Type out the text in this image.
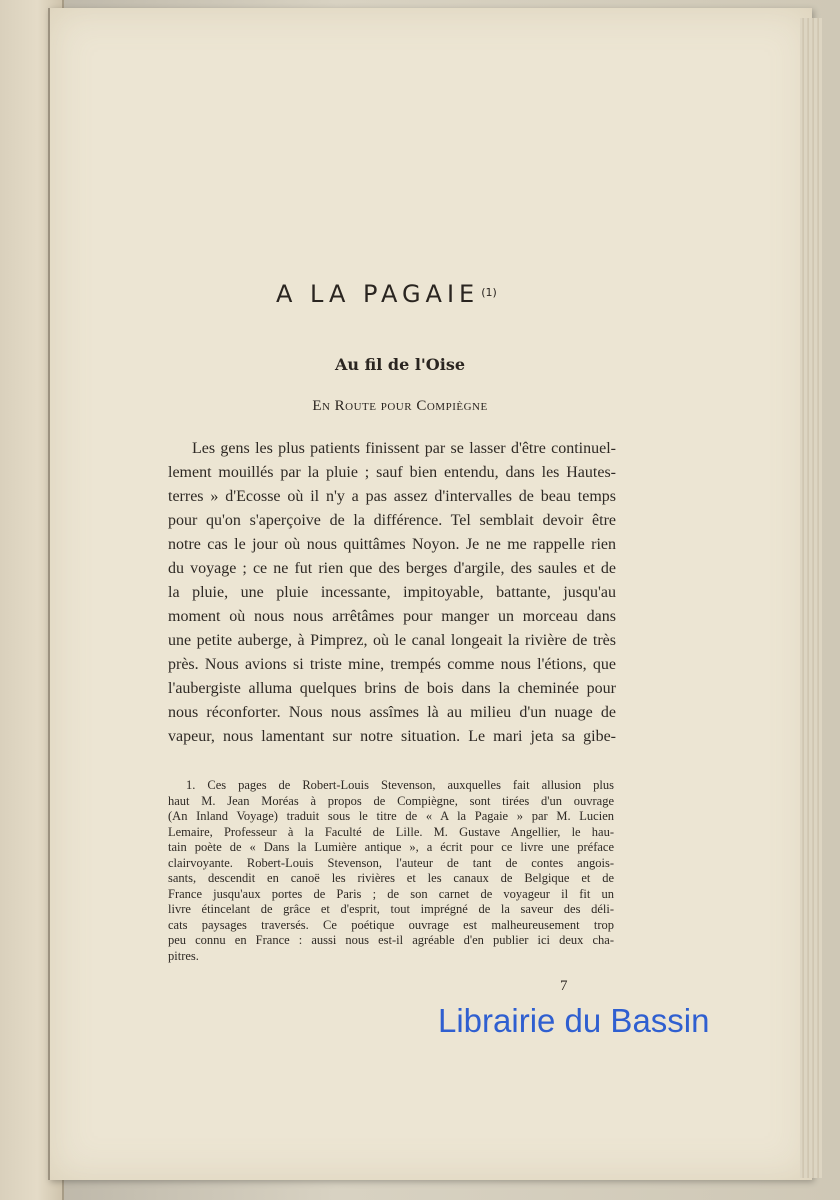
A LA PAGAIE $^{(1)}$
Au fil de l'Oise
En Route pour Compiègne
Les gens les plus patients finissent par se lasser d'être continuel-
lement mouillés par la pluie ; sauf bien entendu, dans les Hautes-
terres » d'Ecosse où il n'y a pas assez d'intervalles de beau temps
pour qu'on s'aperçoive de la différence. Tel semblait devoir être
notre cas le jour où nous quittâmes Noyon. Je ne me rappelle rien
du voyage ; ce ne fut rien que des berges d'argile, des saules et de
la pluie, une pluie incessante, impitoyable, battante, jusqu'au
moment où nous nous arrêtâmes pour manger un morceau dans
une petite auberge, à Pimprez, où le canal longeait la rivière de très
près. Nous avions si triste mine, trempés comme nous l'étions, que
l'aubergiste alluma quelques brins de bois dans la cheminée pour
nous réconforter. Nous nous assîmes là au milieu d'un nuage de
vapeur, nous lamentant sur notre situation. Le mari jeta sa gibe-
1. Ces pages de Robert-Louis Stevenson, auxquelles fait allusion plus
haut M. Jean Moréas à propos de Compiègne, sont tirées d'un ouvrage
(An Inland Voyage) traduit sous le titre de « A la Pagaie » par M. Lucien
Lemaire, Professeur à la Faculté de Lille. M. Gustave Angellier, le hau-
tain poète de « Dans la Lumière antique », a écrit pour ce livre une préface
clairvoyante. Robert-Louis Stevenson, l'auteur de tant de contes angois-
sants, descendit en canoë les rivières et les canaux de Belgique et de
France jusqu'aux portes de Paris ; de son carnet de voyageur il fit un
livre étincelant de grâce et d'esprit, tout imprégné de la saveur des déli-
cats paysages traversés. Ce poétique ouvrage est malheureusement trop
peu connu en France : aussi nous est-il agréable d'en publier ici deux cha-
pitres.
7
Librairie du Bassin
